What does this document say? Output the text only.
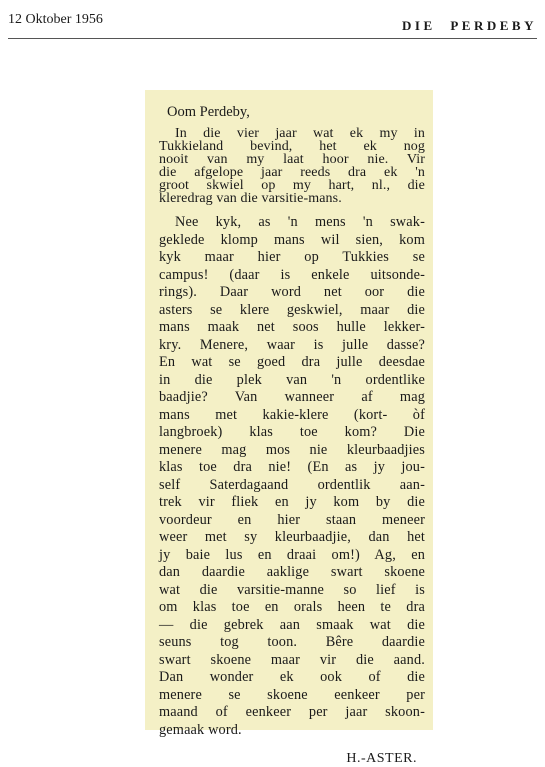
12 Oktober 1956	DIE PERDEBY
Oom Perdeby,
In die vier jaar wat ek my in
Tukkieland bevind, het ek nog
nooit van my laat hoor nie. Vir
die afgelope jaar reeds dra ek 'n
groot skwiel op my hart, nl., die
kleredrag van die varsitie-mans.
Nee kyk, as 'n mens 'n swak-
geklede klomp mans wil sien, kom
kyk maar hier op Tukkies se
campus! (daar is enkele uitsonde-
rings). Daar word net oor die
asters se klere geskwiel, maar die
mans maak net soos hulle lekker-
kry. Menere, waar is julle dasse?
En wat se goed dra julle deesdae
in die plek van 'n ordentlike
baadjie? Van wanneer af mag
mans met kakie-klere (kort- òf
langbroek) klas toe kom? Die
menere mag mos nie kleurbaadjies
klas toe dra nie! (En as jy jou-
self Saterdagaand ordentlik aan-
trek vir fliek en jy kom by die
voordeur en hier staan meneer
weer met sy kleurbaadjie, dan het
jy baie lus en draai om!) Ag, en
dan daardie aaklige swart skoene
wat die varsitie-manne so lief is
om klas toe en orals heen te dra
— die gebrek aan smaak wat die
seuns tog toon. Bêre daardie
swart skoene maar vir die aand.
Dan wonder ek ook of die
menere se skoene eenkeer per
maand of eenkeer per jaar skoon-
gemaak word.
H.-ASTER.
